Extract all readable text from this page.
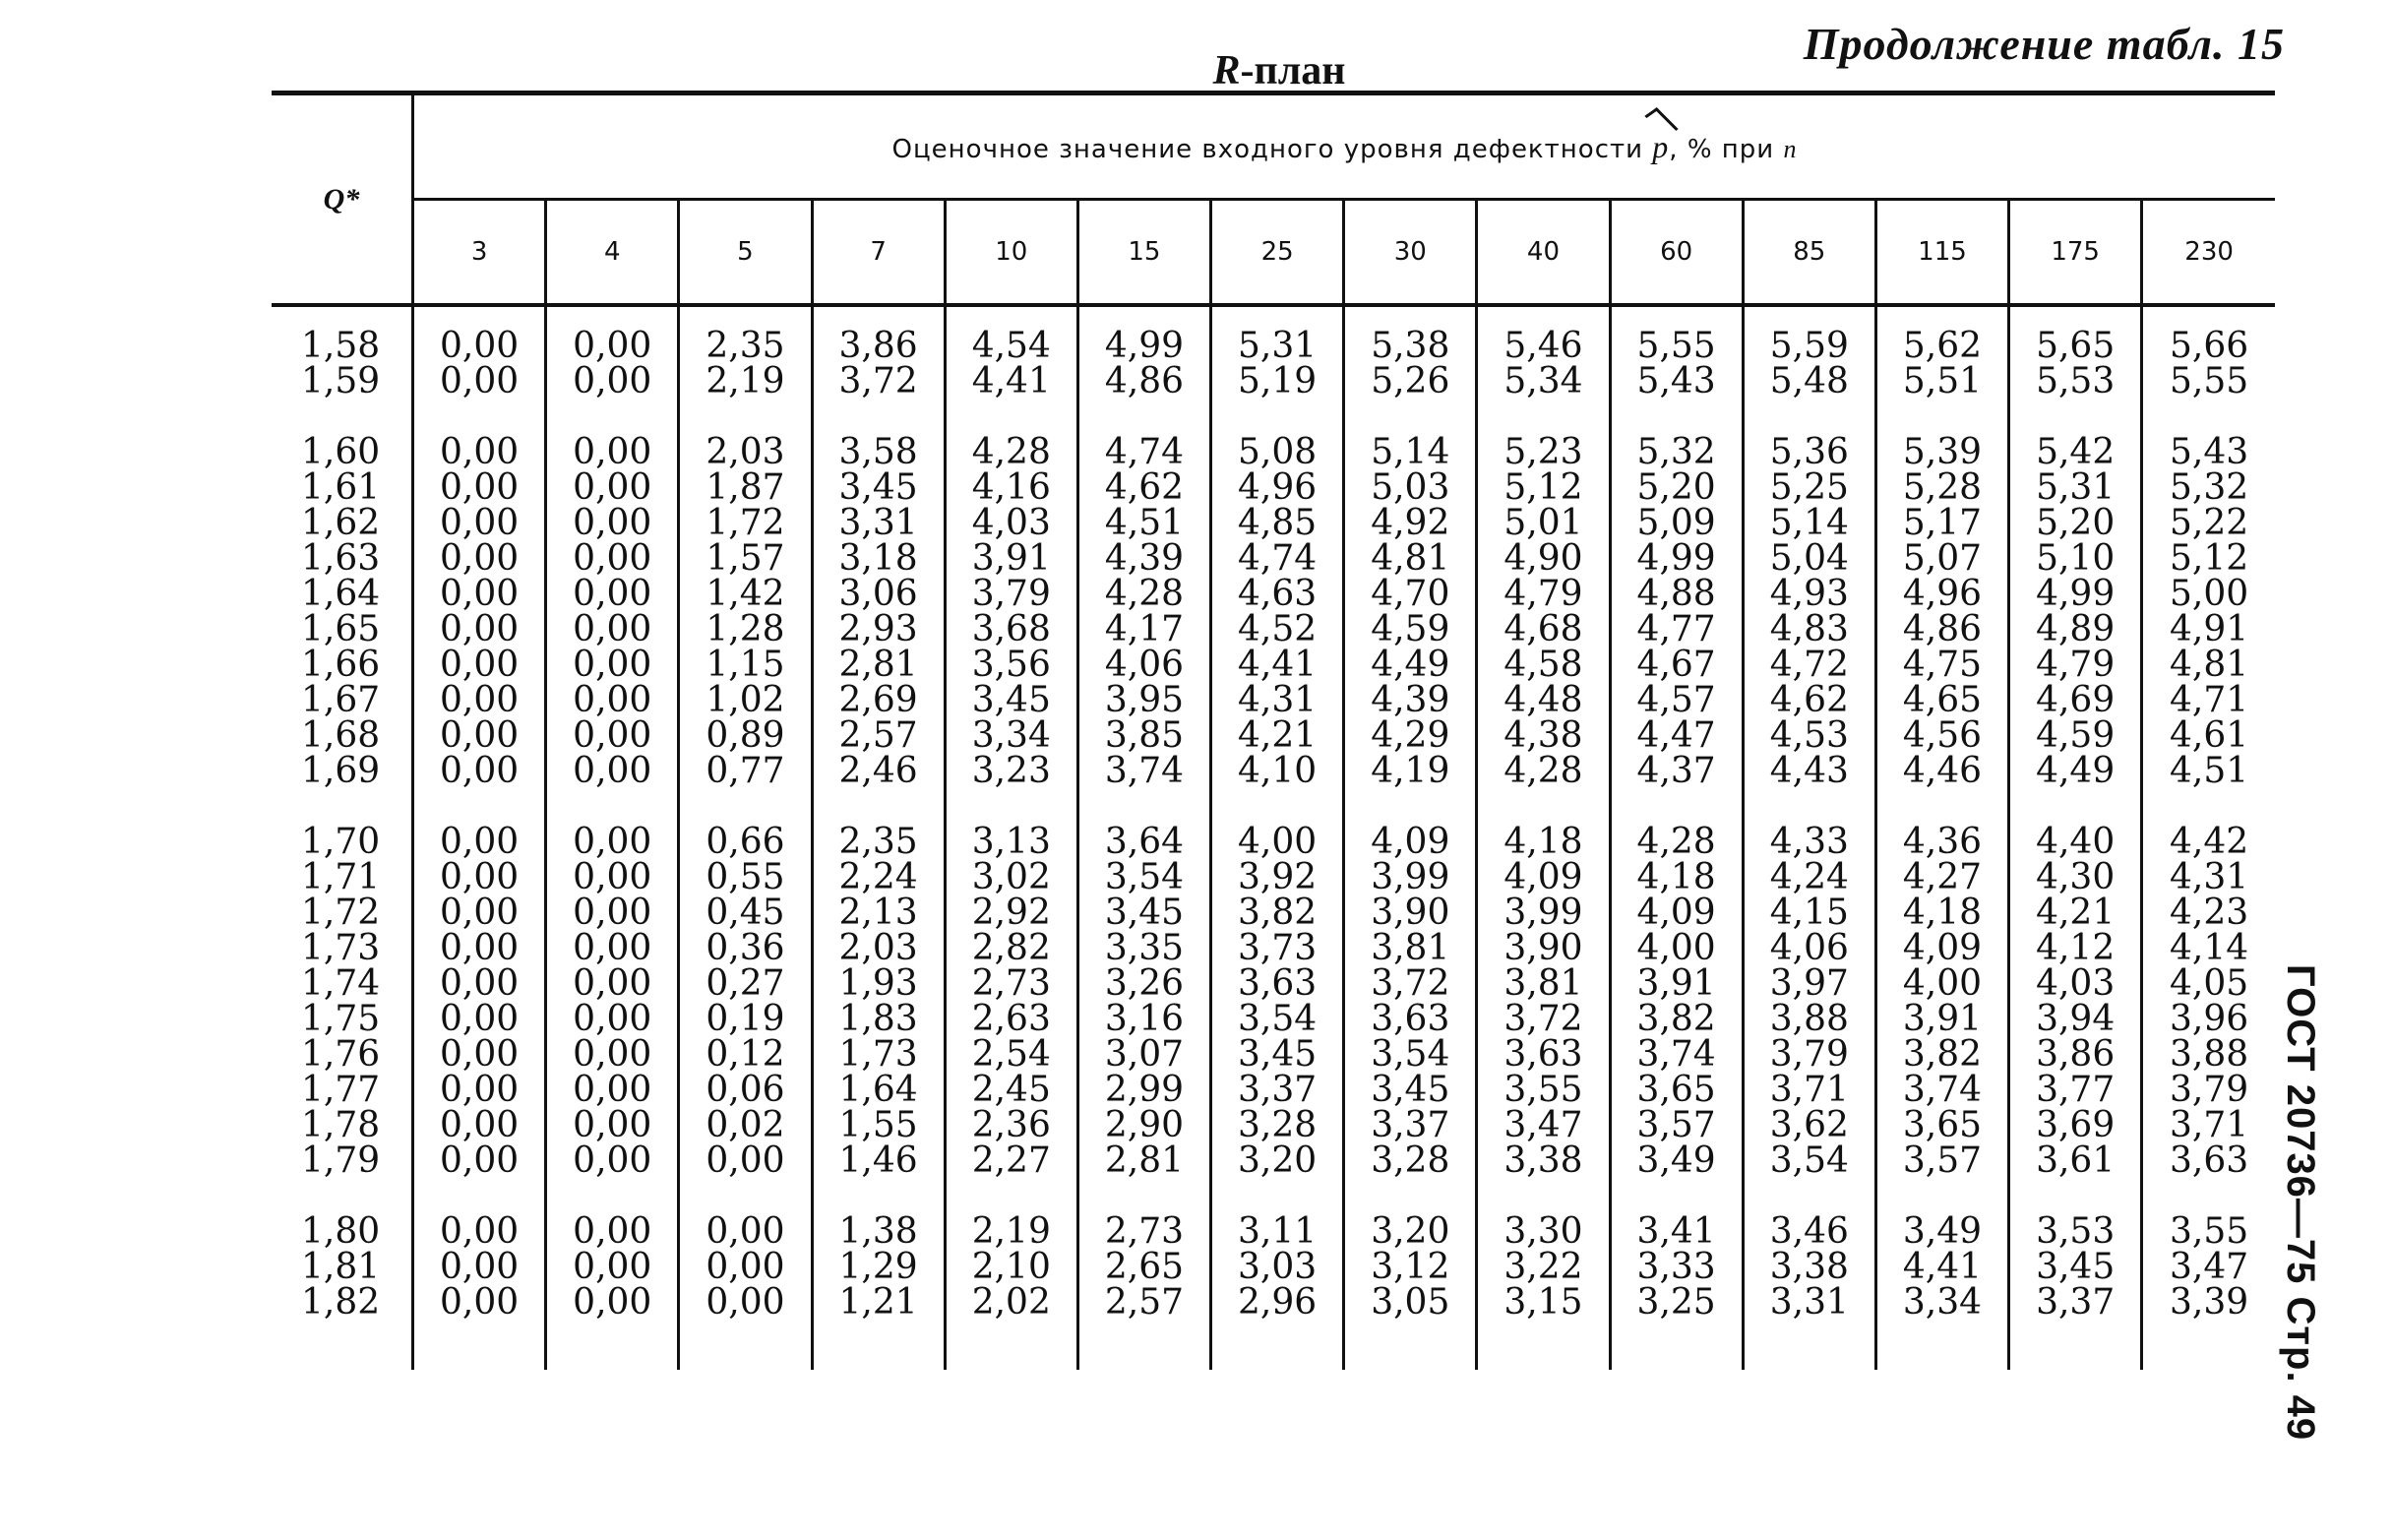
Продолжение табл. 15
R-план
ГОСТ 20736—75 Стр. 49
Q*	Оценочное значение входного уровня дефектности p, % при n													
	3	4	5	7	10	15	25	30	40	60	85	115	175	230

1,58	0,00	0,00	2,35	3,86	4,54	4,99	5,31	5,38	5,46	5,55	5,59	5,62	5,65	5,66
1,59	0,00	0,00	2,19	3,72	4,41	4,86	5,19	5,26	5,34	5,43	5,48	5,51	5,53	5,55

1,60	0,00	0,00	2,03	3,58	4,28	4,74	5,08	5,14	5,23	5,32	5,36	5,39	5,42	5,43
1,61	0,00	0,00	1,87	3,45	4,16	4,62	4,96	5,03	5,12	5,20	5,25	5,28	5,31	5,32
1,62	0,00	0,00	1,72	3,31	4,03	4,51	4,85	4,92	5,01	5,09	5,14	5,17	5,20	5,22
1,63	0,00	0,00	1,57	3,18	3,91	4,39	4,74	4,81	4,90	4,99	5,04	5,07	5,10	5,12
1,64	0,00	0,00	1,42	3,06	3,79	4,28	4,63	4,70	4,79	4,88	4,93	4,96	4,99	5,00
1,65	0,00	0,00	1,28	2,93	3,68	4,17	4,52	4,59	4,68	4,77	4,83	4,86	4,89	4,91
1,66	0,00	0,00	1,15	2,81	3,56	4,06	4,41	4,49	4,58	4,67	4,72	4,75	4,79	4,81
1,67	0,00	0,00	1,02	2,69	3,45	3,95	4,31	4,39	4,48	4,57	4,62	4,65	4,69	4,71
1,68	0,00	0,00	0,89	2,57	3,34	3,85	4,21	4,29	4,38	4,47	4,53	4,56	4,59	4,61
1,69	0,00	0,00	0,77	2,46	3,23	3,74	4,10	4,19	4,28	4,37	4,43	4,46	4,49	4,51

1,70	0,00	0,00	0,66	2,35	3,13	3,64	4,00	4,09	4,18	4,28	4,33	4,36	4,40	4,42
1,71	0,00	0,00	0,55	2,24	3,02	3,54	3,92	3,99	4,09	4,18	4,24	4,27	4,30	4,31
1,72	0,00	0,00	0,45	2,13	2,92	3,45	3,82	3,90	3,99	4,09	4,15	4,18	4,21	4,23
1,73	0,00	0,00	0,36	2,03	2,82	3,35	3,73	3,81	3,90	4,00	4,06	4,09	4,12	4,14
1,74	0,00	0,00	0,27	1,93	2,73	3,26	3,63	3,72	3,81	3,91	3,97	4,00	4,03	4,05
1,75	0,00	0,00	0,19	1,83	2,63	3,16	3,54	3,63	3,72	3,82	3,88	3,91	3,94	3,96
1,76	0,00	0,00	0,12	1,73	2,54	3,07	3,45	3,54	3,63	3,74	3,79	3,82	3,86	3,88
1,77	0,00	0,00	0,06	1,64	2,45	2,99	3,37	3,45	3,55	3,65	3,71	3,74	3,77	3,79
1,78	0,00	0,00	0,02	1,55	2,36	2,90	3,28	3,37	3,47	3,57	3,62	3,65	3,69	3,71
1,79	0,00	0,00	0,00	1,46	2,27	2,81	3,20	3,28	3,38	3,49	3,54	3,57	3,61	3,63

1,80	0,00	0,00	0,00	1,38	2,19	2,73	3,11	3,20	3,30	3,41	3,46	3,49	3,53	3,55
1,81	0,00	0,00	0,00	1,29	2,10	2,65	3,03	3,12	3,22	3,33	3,38	4,41	3,45	3,47
1,82	0,00	0,00	0,00	1,21	2,02	2,57	2,96	3,05	3,15	3,25	3,31	3,34	3,37	3,39
